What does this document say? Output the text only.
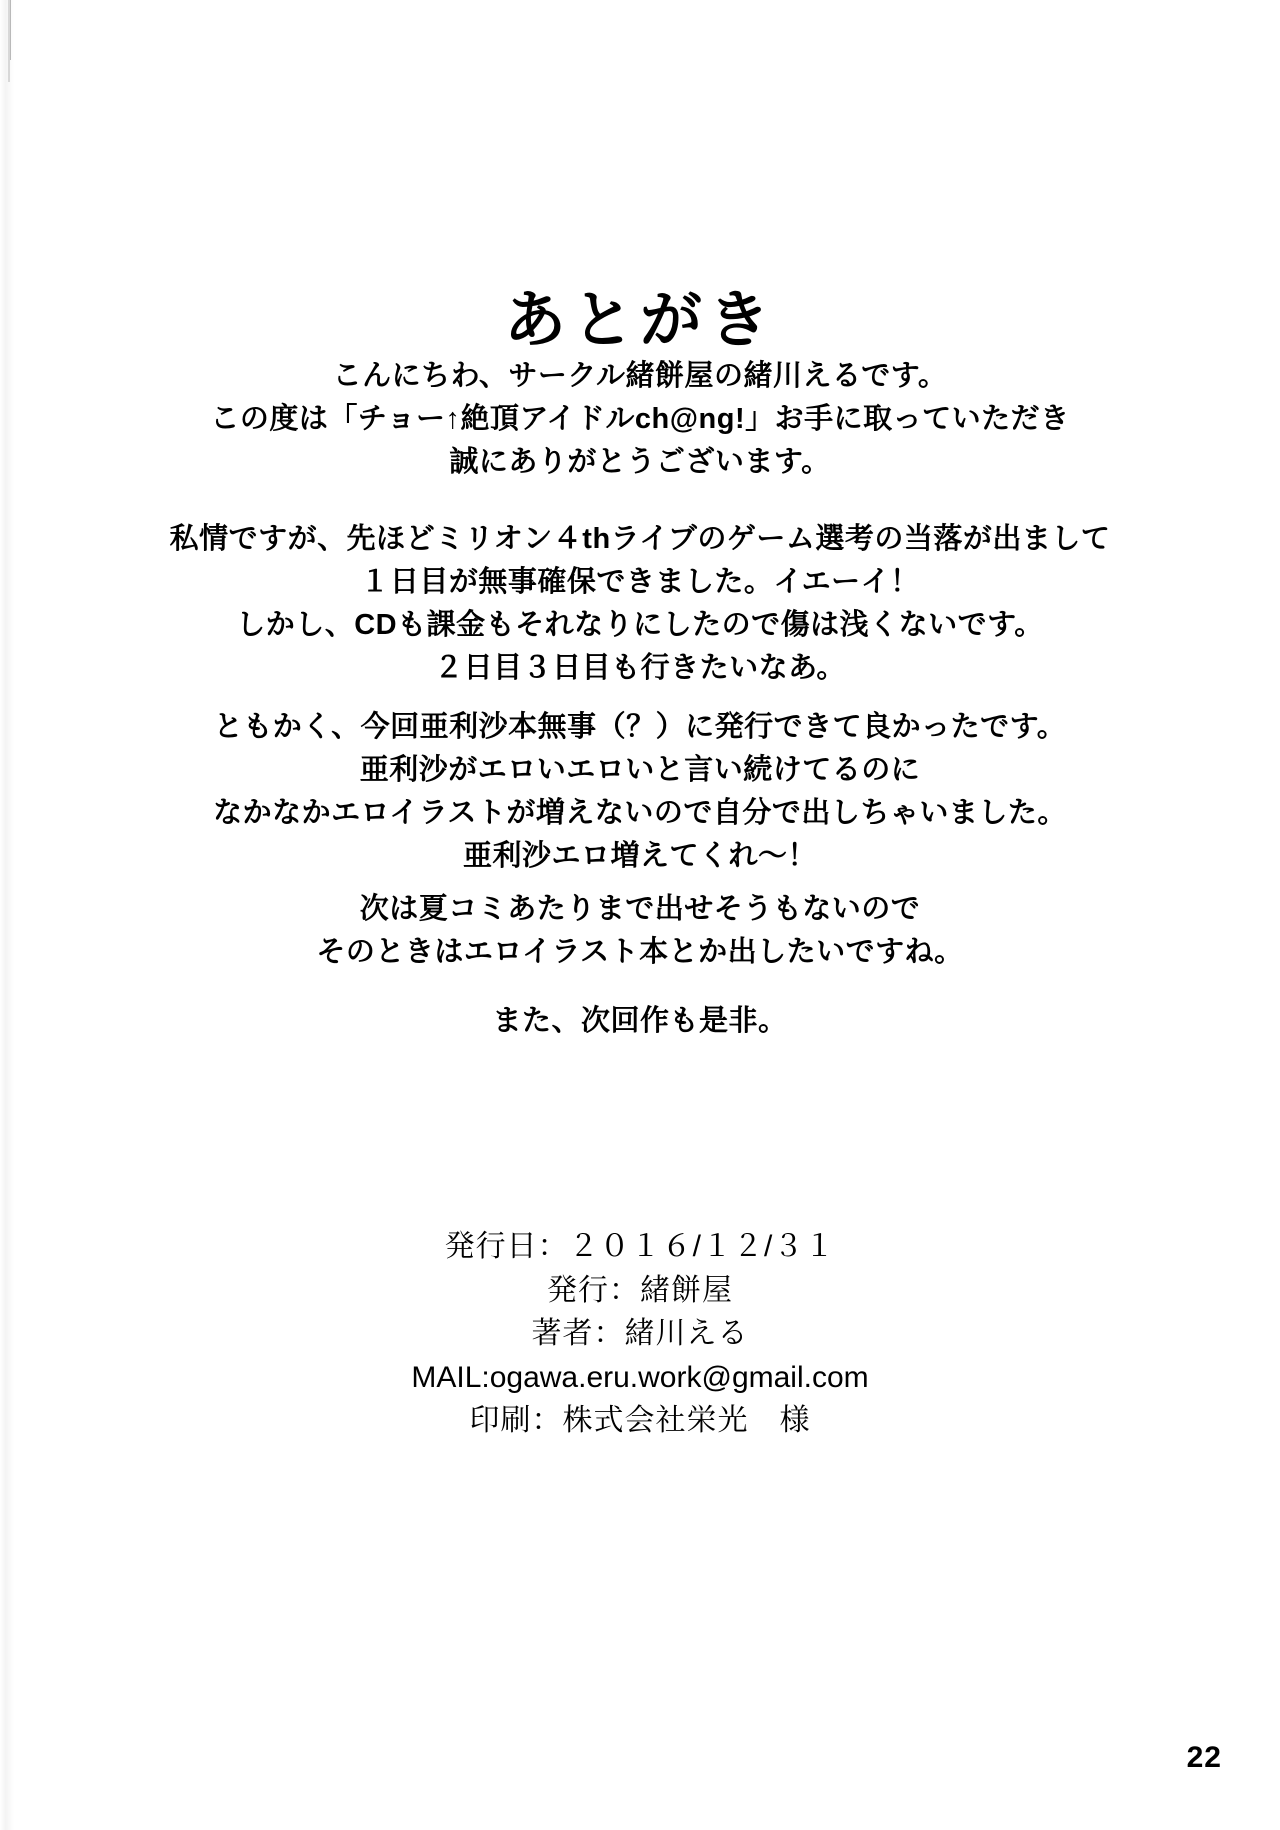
あとがき
こんにちわ、サークル緒餅屋の緒川えるです。
この度は「チョー↑絶頂アイドルch@ng!」お手に取っていただき
誠にありがとうございます。
私情ですが、先ほどミリオン４thライブのゲーム選考の当落が出まして
１日目が無事確保できました。イエーイ！
しかし、CDも課金もそれなりにしたので傷は浅くないです。
２日目３日目も行きたいなあ。
ともかく、今回亜利沙本無事（？）に発行できて良かったです。
亜利沙がエロいエロいと言い続けてるのに
なかなかエロイラストが増えないので自分で出しちゃいました。
亜利沙エロ増えてくれ〜！
次は夏コミあたりまで出せそうもないので
そのときはエロイラスト本とか出したいですね。
また、次回作も是非。
発行日：２０１６/１２/３１
発行：緒餅屋
著者：緒川える
MAIL:ogawa.eru.work@gmail.com
印刷：株式会社栄光　様
22
